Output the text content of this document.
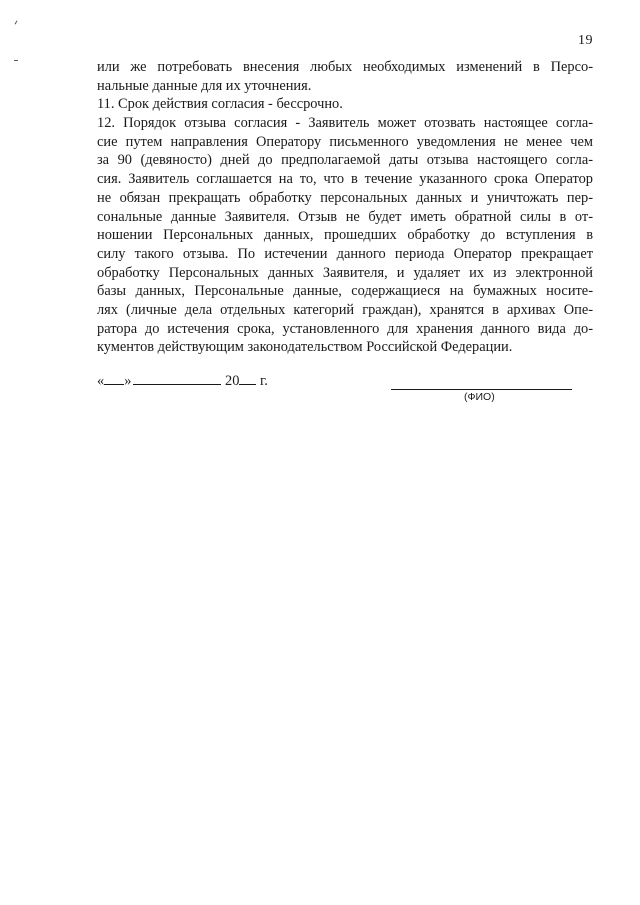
19
или же потребовать внесения любых необходимых изменений в Персо-
нальные данные для их уточнения.
11. Срок действия согласия - бессрочно.
12. Порядок отзыва согласия - Заявитель может отозвать настоящее согла-
сие путем направления Оператору письменного уведомления не менее чем
за 90 (девяносто) дней до предполагаемой даты отзыва настоящего согла-
сия. Заявитель соглашается на то, что в течение указанного срока Оператор
не обязан прекращать обработку персональных данных и уничтожать пер-
сональные данные Заявителя. Отзыв не будет иметь обратной силы в от-
ношении Персональных данных, прошедших обработку до вступления в
силу такого отзыва. По истечении данного периода Оператор прекращает
обработку Персональных данных Заявителя, и удаляет их из электронной
базы данных, Персональные данные, содержащиеся на бумажных носите-
лях (личные дела отдельных категорий граждан), хранятся в архивах Опе-
ратора до истечения срока, установленного для хранения данного вида до-
кументов действующим законодательством Российской Федерации.
« »	20 г.
(ФИО)
